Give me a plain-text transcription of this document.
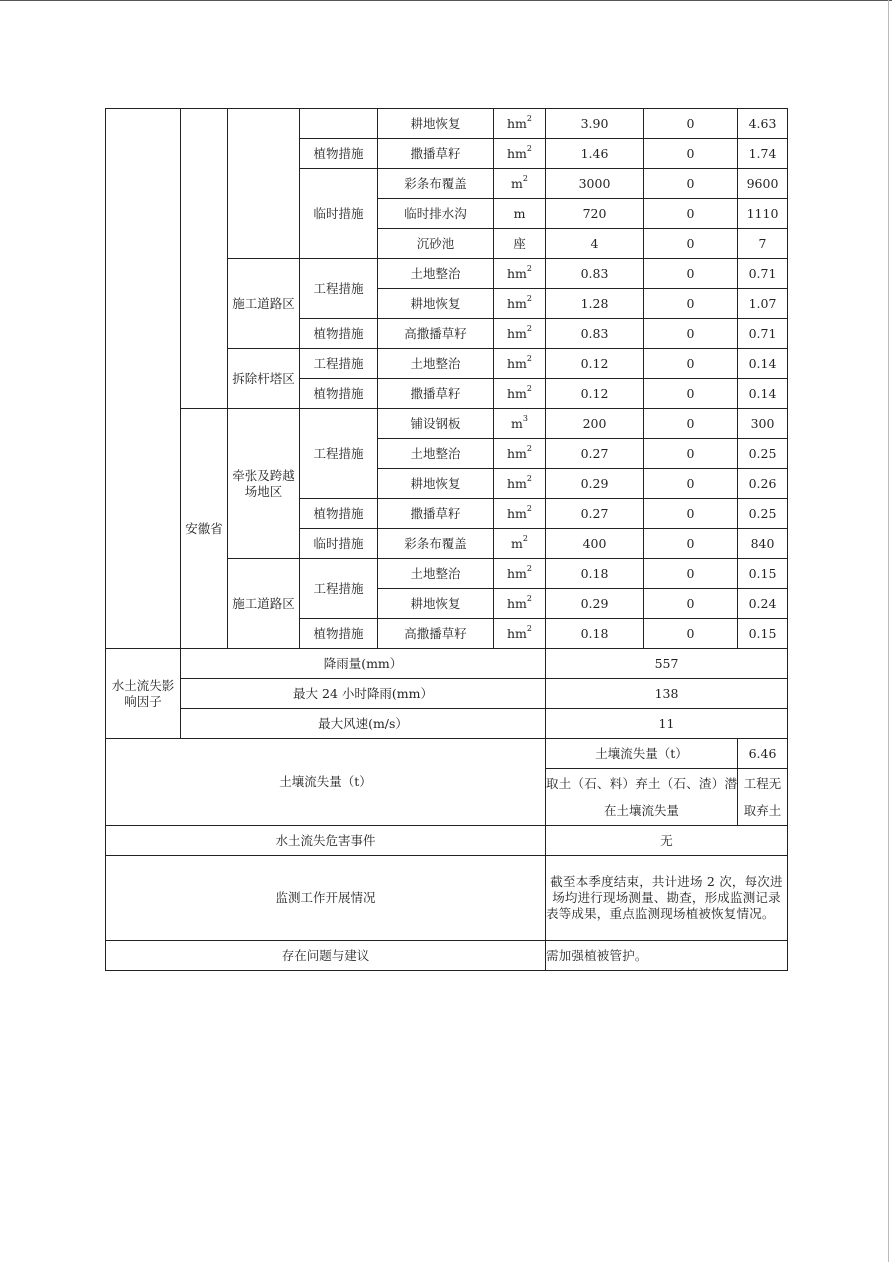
				耕地恢复	$hm^2$	3.90	0	4.63
			植物措施	撒播草籽	$hm^2$	1.46	0	1.74
			临时措施	彩条布覆盖	$m^2$	3000	0	9600
				临时排水沟	m	720	0	1110
				沉砂池	座	4	0	7
		施工道路区	工程措施	土地整治	$hm^2$	0.83	0	0.71
				耕地恢复	$hm^2$	1.28	0	1.07
			植物措施	高撒播草籽	$hm^2$	0.83	0	0.71
		拆除杆塔区	工程措施	土地整治	$hm^2$	0.12	0	0.14
			植物措施	撒播草籽	$hm^2$	0.12	0	0.14
	安徽省	牵张及跨越场地区	工程措施	铺设钢板	$m^3$	200	0	300
				土地整治	$hm^2$	0.27	0	0.25
				耕地恢复	$hm^2$	0.29	0	0.26
			植物措施	撒播草籽	$hm^2$	0.27	0	0.25
			临时措施	彩条布覆盖	$m^2$	400	0	840
		施工道路区	工程措施	土地整治	$hm^2$	0.18	0	0.15
				耕地恢复	$hm^2$	0.29	0	0.24
			植物措施	高撒播草籽	$hm^2$	0.18	0	0.15
水土流失影响因子	降雨量(mm）					557		
	最大 24 小时降雨(mm）					138		
	最大风速(m/s）					11		
土壤流失量（t）						土壤流失量（t）		6.46
						取土（石、料）弃土（石、渣）潜在土壤流失量		工程无取弃土
水土流失危害事件						无		
监测工作开展情况						截至本季度结束，共计进场 2 次，每次进场均进行现场测量、勘查，形成监测记录表等成果，重点监测现场植被恢复情况。		
存在问题与建议						需加强植被管护。		
